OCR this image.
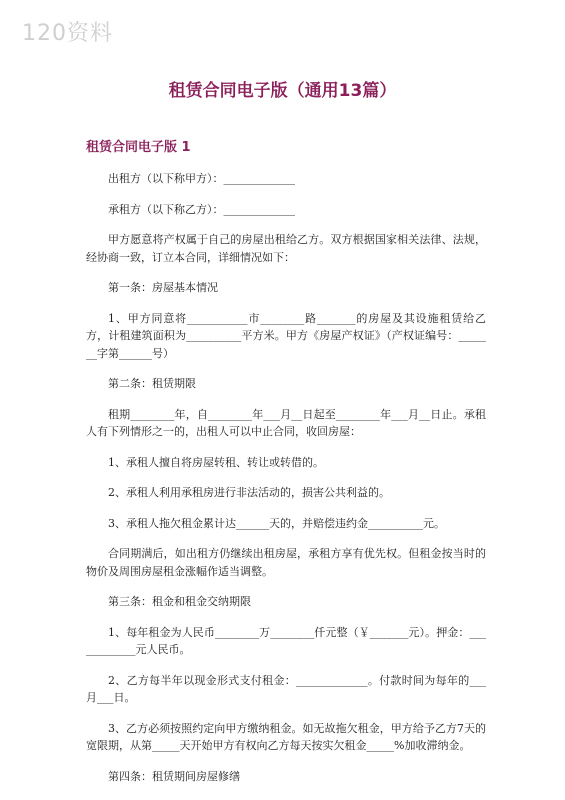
120资料
租赁合同电子版（通用13篇）
租赁合同电子版 1

出租方（以下称甲方）：_____________

承租方（以下称乙方）：_____________

甲方愿意将产权属于自己的房屋出租给乙方。双方根据国家相关法律、法规，经协商一致，订立本合同，详细情况如下：

第一条：房屋基本情况

1、甲方同意将___________市________路_______的房屋及其设施租赁给乙方，计租建筑面积为__________平方米。甲方《房屋产权证》（产权证编号：_______字第______号）

第二条：租赁期限

租期________年，自________年___月__日起至________年___月__日止。承租人有下列情形之一的，出租人可以中止合同，收回房屋：

1、承租人擅自将房屋转租、转让或转借的。

2、承租人利用承租房进行非法活动的，损害公共利益的。

3、承租人拖欠租金累计达______天的，并赔偿违约金__________元。

合同期满后，如出租方仍继续出租房屋，承租方享有优先权。但租金按当时的物价及周围房屋租金涨幅作适当调整。

第三条：租金和租金交纳期限

1、每年租金为人民币________万________仟元整（￥_______元）。押金：____________元人民币。

2、乙方每半年以现金形式支付租金：_____________。付款时间为每年的___月___日。

3、乙方必须按照约定向甲方缴纳租金。如无故拖欠租金，甲方给予乙方7天的宽限期，从第_____天开始甲方有权向乙方每天按实欠租金_____%加收滞纳金。

第四条：租赁期间房屋修缮
